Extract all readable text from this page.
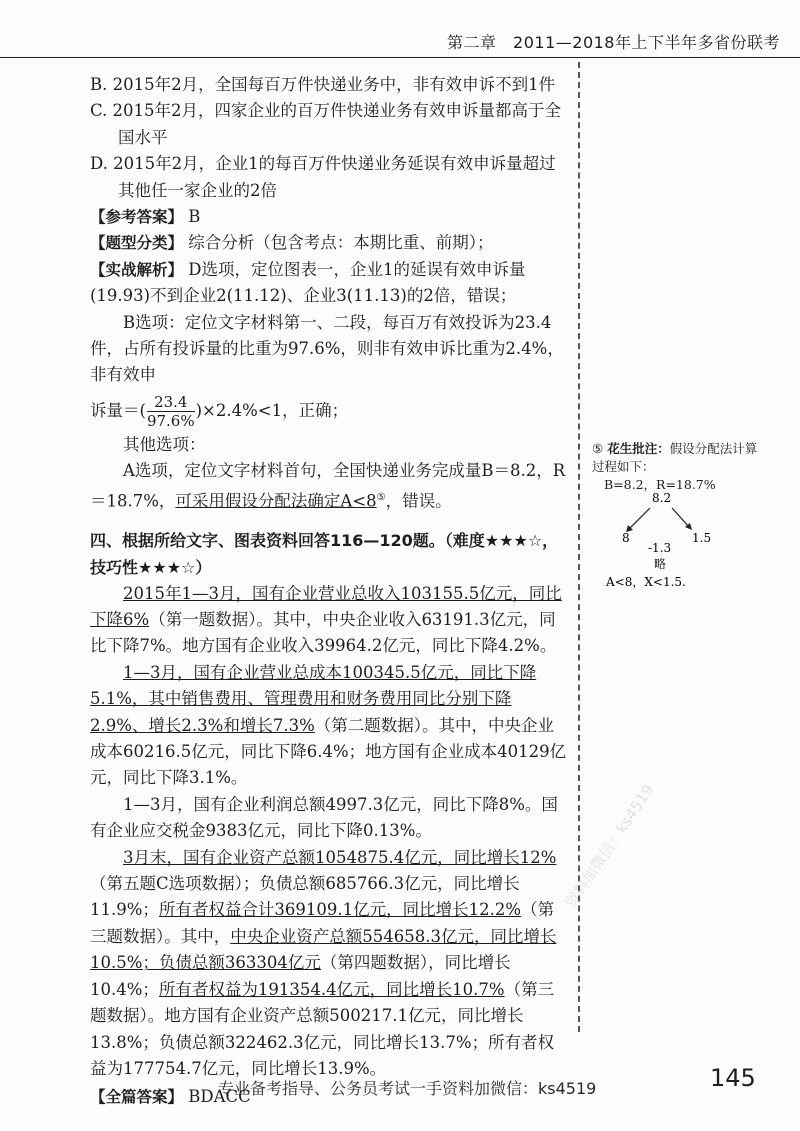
第二章　2011—2018年上下半年多省份联考

B. 2015年2月，全国每百万件快递业务中，非有效申诉不到1件

C. 2015年2月，四家企业的百万件快递业务有效申诉量都高于全国水平

D. 2015年2月，企业1的每百万件快递业务延误有效申诉量超过其他任一家企业的2倍

【参考答案】 B

【题型分类】 综合分析（包含考点：本期比重、前期）；

【实战解析】 D选项，定位图表一，企业1的延误有效申诉量(19.93)不到企业2(11.12)、企业3(11.13)的2倍，错误；

B选项：定位文字材料第一、二段，每百万有效投诉为23.4件，占所有投诉量的比重为97.6%，则非有效申诉比重为2.4%，非有效申

诉量＝( $\frac{23.4}{97.6\%} )\times 2.4\%<1$，正确；

其他选项：

A选项，定位文字材料首句，全国快递业务完成量B＝8.2，R＝18.7%，可采用假设分配法确定A<8⑤，错误。

四、根据所给文字、图表资料回答116—120题。（难度★★★☆，技巧性★★★☆）

2015年1—3月，国有企业营业总收入103155.5亿元，同比下降6%（第一题数据）。其中，中央企业收入63191.3亿元，同比下降7%。地方国有企业收入39964.2亿元，同比下降4.2%。

1—3月，国有企业营业总成本100345.5亿元，同比下降5.1%，其中销售费用、管理费用和财务费用同比分别下降2.9%、增长2.3%和增长7.3%（第二题数据）。其中，中央企业成本60216.5亿元，同比下降6.4%；地方国有企业成本40129亿元，同比下降3.1%。

1—3月，国有企业利润总额4997.3亿元，同比下降8%。国有企业应交税金9383亿元，同比下降0.13%。

3月末，国有企业资产总额1054875.4亿元，同比增长12%（第五题C选项数据）；负债总额685766.3亿元，同比增长11.9%；所有者权益合计369109.1亿元，同比增长12.2%（第三题数据）。其中，中央企业资产总额554658.3亿元，同比增长10.5%；负债总额363304亿元（第四题数据），同比增长10.4%；所有者权益为191354.4亿元，同比增长10.7%（第三题数据）。地方国有企业资产总额500217.1亿元，同比增长13.8%；负债总额322462.3亿元，同比增长13.7%；所有者权益为177754.7亿元，同比增长13.9%。

【全篇答案】 BDACC

⑤ 花生批注：假设分配法计算过程如下：

B=8.2，R=18.7%

8.2
8	1.5
-1.3
略
A<8，X<1.5.
资料加微信：ks4519
专业备考指导、公务员考试一手资料加微信：ks4519	145
